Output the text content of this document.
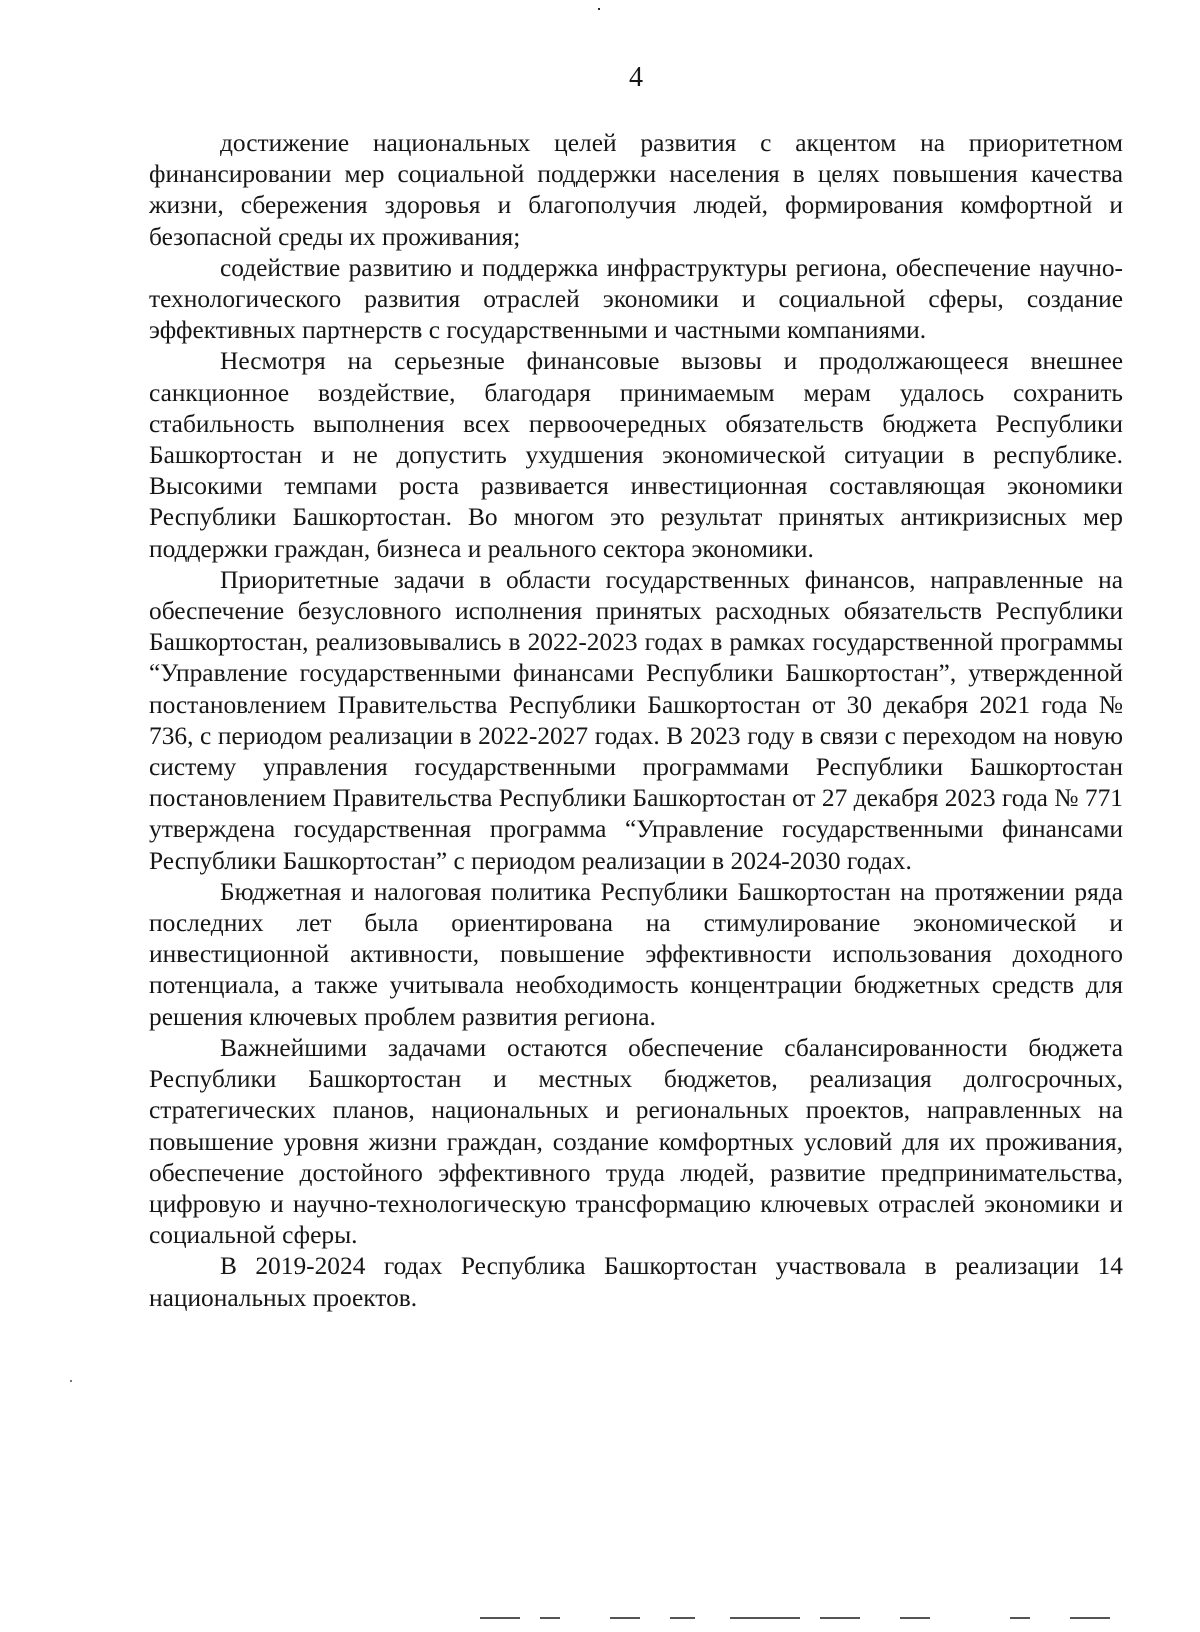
4

достижение национальных целей развития с акцентом на приоритетном финансировании мер социальной поддержки населения в целях повышения качества жизни, сбережения здоровья и благополучия людей, формирования комфортной и безопасной среды их проживания;

содействие развитию и поддержка инфраструктуры региона, обеспечение научно-технологического развития отраслей экономики и социальной сферы, создание эффективных партнерств с государственными и частными компаниями.

Несмотря на серьезные финансовые вызовы и продолжающееся внешнее санкционное воздействие, благодаря принимаемым мерам удалось сохранить стабильность выполнения всех первоочередных обязательств бюджета Республики Башкортостан и не допустить ухудшения экономической ситуации в республике. Высокими темпами роста развивается инвестиционная составляющая экономики Республики Башкортостан. Во многом это результат принятых антикризисных мер поддержки граждан, бизнеса и реального сектора экономики.

Приоритетные задачи в области государственных финансов, направленные на обеспечение безусловного исполнения принятых расходных обязательств Республики Башкортостан, реализовывались в 2022-2023 годах в рамках государственной программы “Управление государственными финансами Республики Башкортостан”, утвержденной постановлением Правительства Республики Башкортостан от 30 декабря 2021 года № 736, с периодом реализации в 2022-2027 годах. В 2023 году в связи с переходом на новую систему управления государственными программами Республики Башкортостан постановлением Правительства Республики Башкортостан от 27 декабря 2023 года № 771 утверждена государственная программа “Управление государственными финансами Республики Башкортостан” с периодом реализации в 2024-2030 годах.

Бюджетная и налоговая политика Республики Башкортостан на протяжении ряда последних лет была ориентирована на стимулирование экономической и инвестиционной активности, повышение эффективности использования доходного потенциала, а также учитывала необходимость концентрации бюджетных средств для решения ключевых проблем развития региона.

Важнейшими задачами остаются обеспечение сбалансированности бюджета Республики Башкортостан и местных бюджетов, реализация долгосрочных, стратегических планов, национальных и региональных проектов, направленных на повышение уровня жизни граждан, создание комфортных условий для их проживания, обеспечение достойного эффективного труда людей, развитие предпринимательства, цифровую и научно-технологическую трансформацию ключевых отраслей экономики и социальной сферы.

В 2019-2024 годах Республика Башкортостан участвовала в реализации 14 национальных проектов.
